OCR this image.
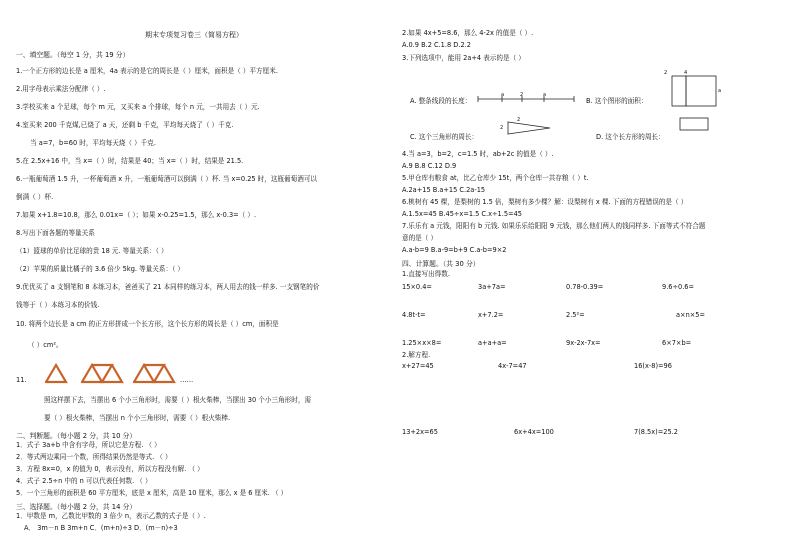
期末专项复习卷三（简易方程）
一、填空题。（每空 1 分，共 19 分）
1.一个正方形的边长是 a 厘米，4a 表示的是它的周长是（ ）厘米，面积是（ ）平方厘米.
2.用字母表示乘法分配律（ ）.
3.学校买来 a 个足球，每个 m 元，又买来 a 个排球，每个 n 元，一共用去（ ）元.
4.室买来 200 千克煤,已烧了 a 天，还剩 b 千克，平均每天烧了（ ）千克.
当 a=7，b=60 时，平均每天烧（ ）千克.
5.在 2.5x+16 中，当 x=（ ）时，结果是 40；当 x=（ ）时，结果是 21.5.
6.一瓶葡萄酒 1.5 升，一杯葡萄酒 x 升，一瓶葡萄酒可以倒满（ ）杯. 当 x=0.25 时，这瓶葡萄酒可以
倒满（ ）杯.
7.如果 x+1.8=10.8，那么 0.01x=（ ）；如果 x-0.25=1.5，那么 x-0.3=（ ）.
8.写出下面各题的等量关系
（1）篮球的单价比足球的贵 18 元. 等量关系：（ ）
（2）苹果的质量比橘子的 3.6 倍少 5kg. 等量关系：（ ）
9.优优买了 a 支钢笔和 8 本练习本，爸爸买了 21 本同样的练习本，两人用去的钱一样多. 一支钢笔的价
钱等于（ ）本练习本的价钱.
10. 将两个边长是 a cm 的正方形拼成一个长方形，这个长方形的周长是（ ）cm，面积是
（ ）cm²。
11.	……
照这样摆下去，当摆出 6 个小三角形时，需要（ ）根火柴棒，当摆出 30 个小三角形时，需
要（ ）根火柴棒，当摆出 n 个小三角形时，需要（ ）根火柴棒.
二、判断题。（每小题 2 分，共 10 分）
1．式子 3a+b 中含有字母，所以它是方程. （ ）
2．等式两边乘同一个数，所得结果仍然是等式. （ ）
3．方程 8x=0，x 的值为 0，表示没有，所以方程没有解. （ ）
4．式子 2.5÷n 中的 n 可以代表任何数. （ ）
5．一个三角形的面积是 60 平方厘米，底是 x 厘米，高是 10 厘米，那么 x 是 6 厘米. （ ）
三、选择题。（每小题 2 分，共 14 分）
1．甲数是 m，乙数比甲数的 3 倍少 n，表示乙数的式子是（ ）.
A． 3m－n B 3m+n C．(m+n)÷3 D．(m－n)÷3
2.如果 4x+5=8.6，那么 4-2x 的值是（ ）.
A.0.9 B.2 C.1.8 D.2.2
3.下列选项中，能用 2a+4 表示的是（ ）
A. 整条线段的长度：
a	a
2
B. 这个图形的面积：
2	4
a
C. 这个三角形的周长：
2
2
D. 这个长方形的周长：
4.当 a=3，b=2，c=1.5 时，ab+2c 的值是（ ）.
A.9 B.8 C.12 D.9
5.甲仓库有粮食 at，比乙仓库少 15t，两个仓库一共存粮（ ）t.
A.2a+15 B.a+15 C.2a-15
6.桃树有 45 棵，是梨树的 1.5 倍，梨树有多少棵？解：设梨树有 x 棵. 下面的方程错误的是（ ）
A.1.5x=45 B.45÷x=1.5 C.x÷1.5=45
7.乐乐有 a 元钱，阳阳有 b 元钱. 如果乐乐给阳阳 9 元钱，那么他们两人的钱同样多. 下面等式不符合题
意的是（ ）
A.a-b=9 B.a-9=b+9 C.a-b=9×2
四、计算题。（共 30 分）
1.直接写出得数.
15×0.4=	3a+7a=	0.78-0.39=	9.6÷0.6=
4.8t-t=	x+7.2=	2.5²=	a×n×5=
1.25×x×8=	a+a+a=	9x-2x-7x=	6×7×b=
2.解方程.
x+27=45	4x-7=47	16(x-8)=96
13+2x=65	6x+4x=100	7(8.5x)=25.2
